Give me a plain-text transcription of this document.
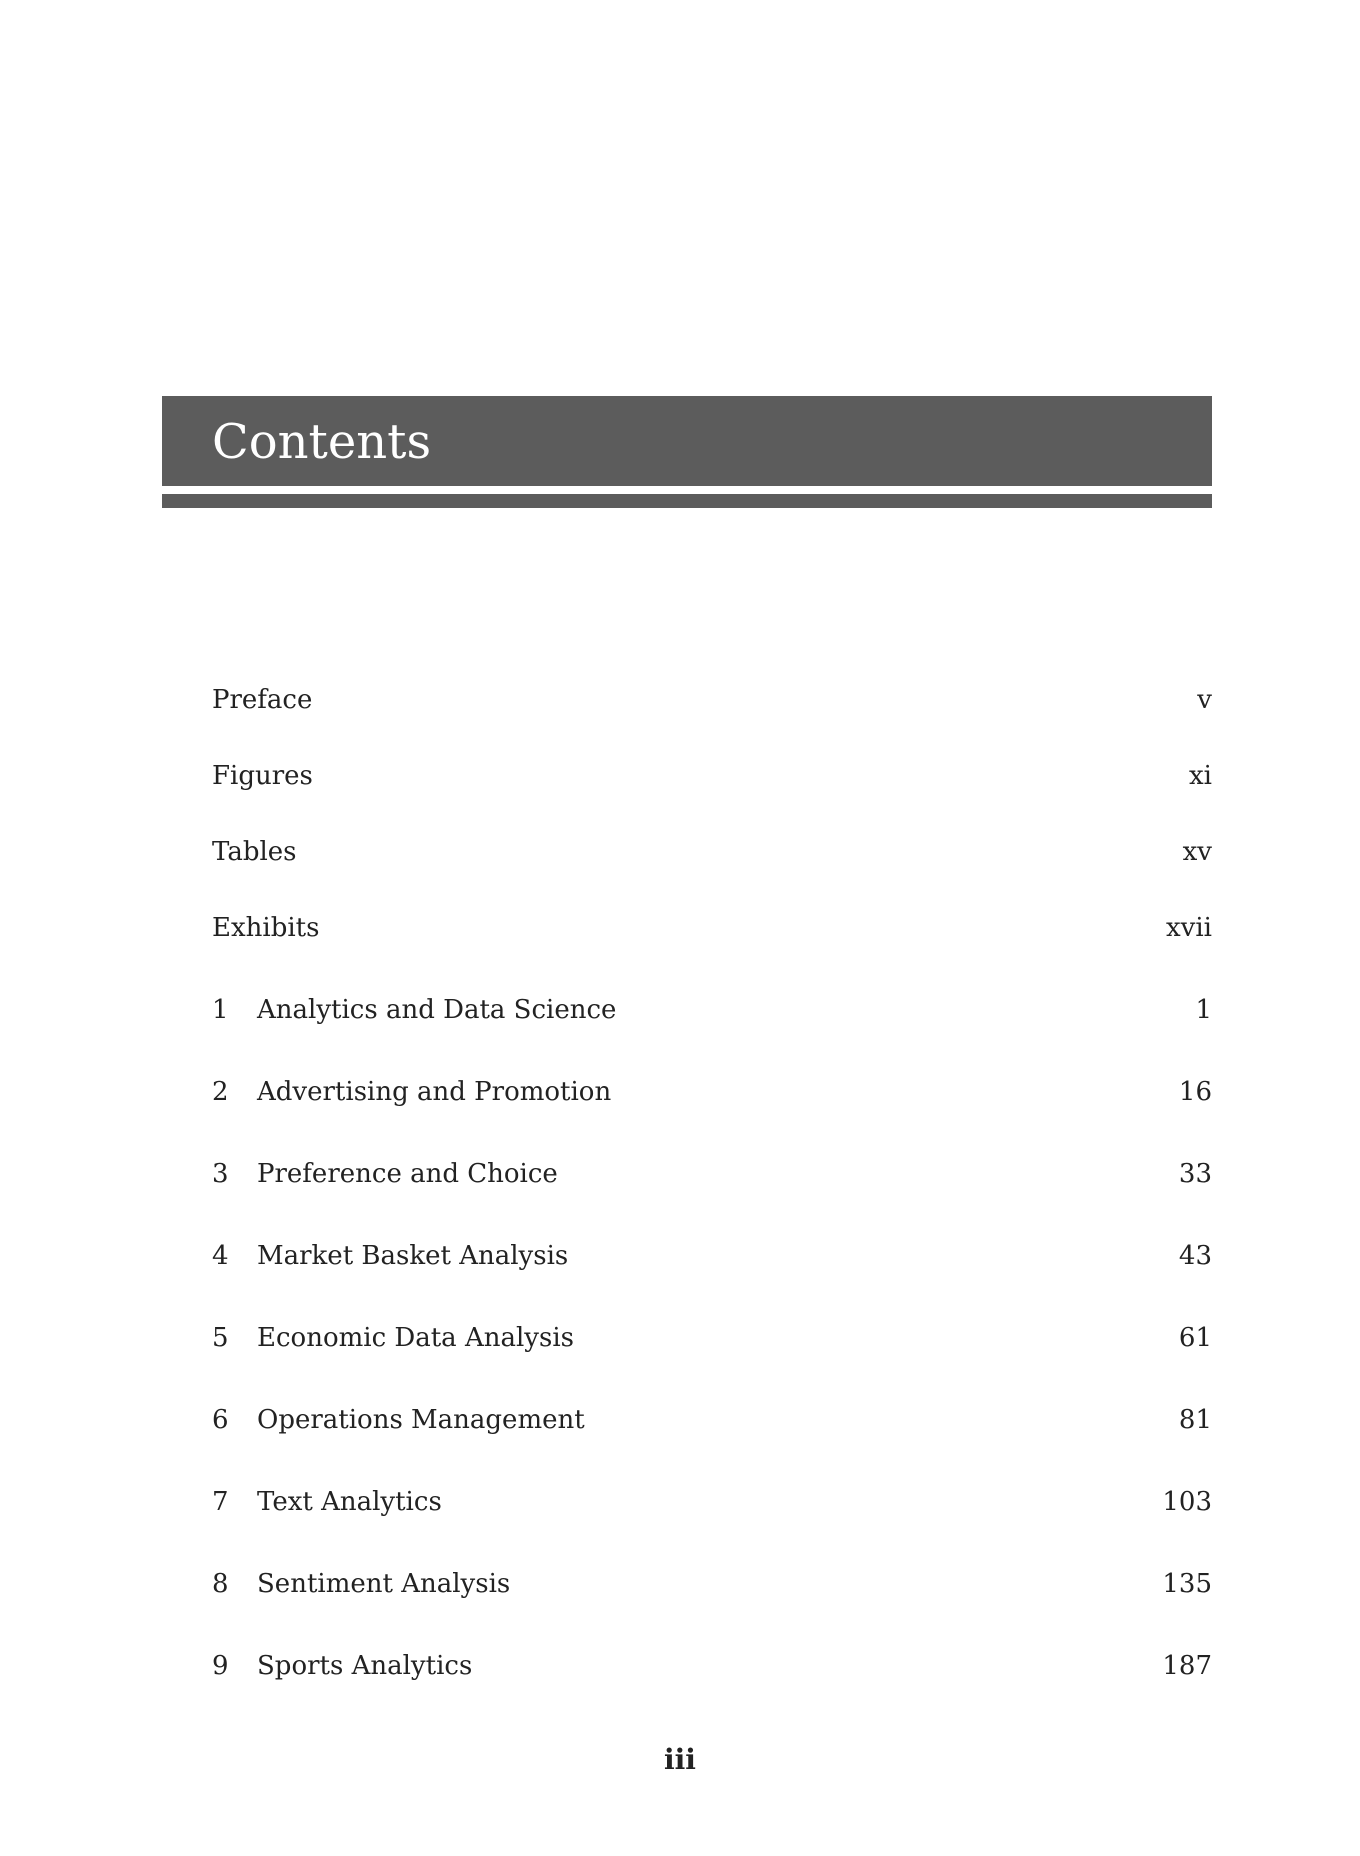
Contents
Preface	v
Figures	xi
Tables	xv
Exhibits	xvii
1	Analytics and Data Science	1
2	Advertising and Promotion	16
3	Preference and Choice	33
4	Market Basket Analysis	43
5	Economic Data Analysis	61
6	Operations Management	81
7	Text Analytics	103
8	Sentiment Analysis	135
9	Sports Analytics	187
iii
